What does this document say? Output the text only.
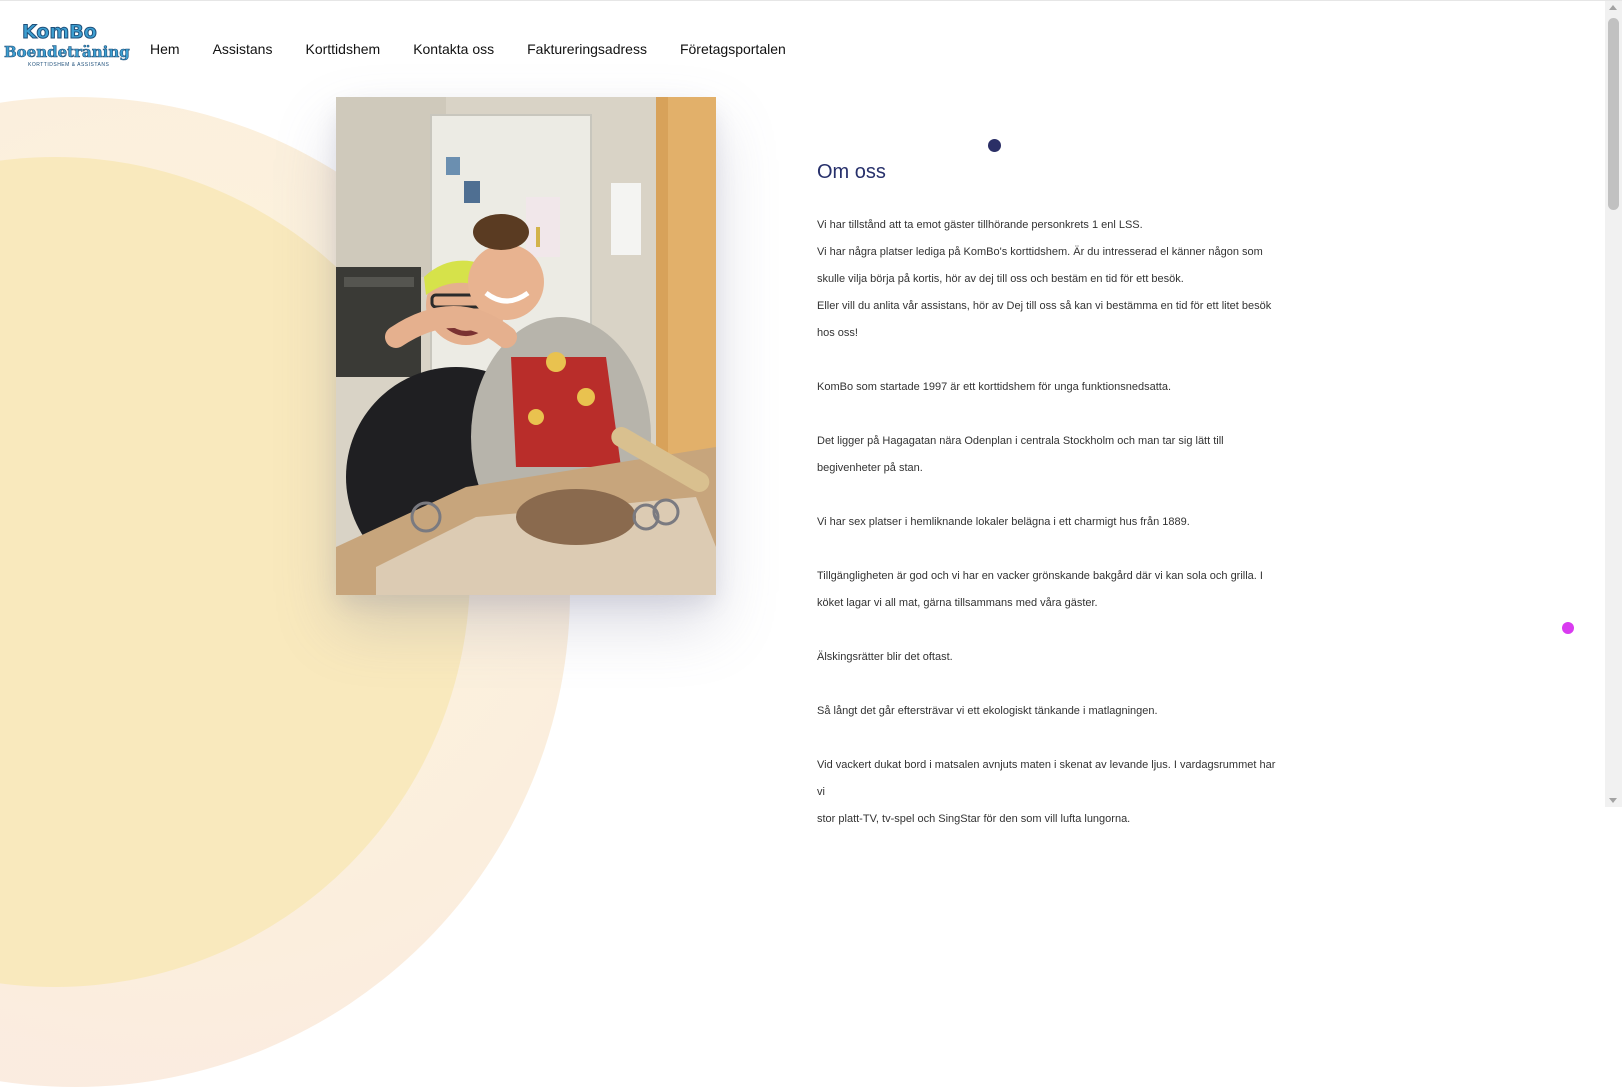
KomBo
Boendeträning
KORTTIDSHEM & ASSISTANS
Hem Assistans Korttidshem Kontakta oss Faktureringsadress Företagsportalen
Om oss

Vi har tillstånd att ta emot gäster tillhörande personkrets 1 enl LSS.
Vi har några platser lediga på KomBo's korttidshem. Är du intresserad el känner någon som
skulle vilja börja på kortis, hör av dej till oss och bestäm en tid för ett besök.
Eller vill du anlita vår assistans, hör av Dej till oss så kan vi bestämma en tid för ett litet besök
hos oss!

KomBo som startade 1997 är ett korttidshem för unga funktionsnedsatta.

Det ligger på Hagagatan nära Odenplan i centrala Stockholm och man tar sig lätt till
begivenheter på stan.

Vi har sex platser i hemliknande lokaler belägna i ett charmigt hus från 1889.

Tillgängligheten är god och vi har en vacker grönskande bakgård där vi kan sola och grilla. I
köket lagar vi all mat, gärna tillsammans med våra gäster.

Älskingsrätter blir det oftast.

Så långt det går eftersträvar vi ett ekologiskt tänkande i matlagningen.

Vid vackert dukat bord i matsalen avnjuts maten i skenat av levande ljus. I vardagsrummet har vi
stor platt-TV, tv-spel och SingStar för den som vill lufta lungorna.
